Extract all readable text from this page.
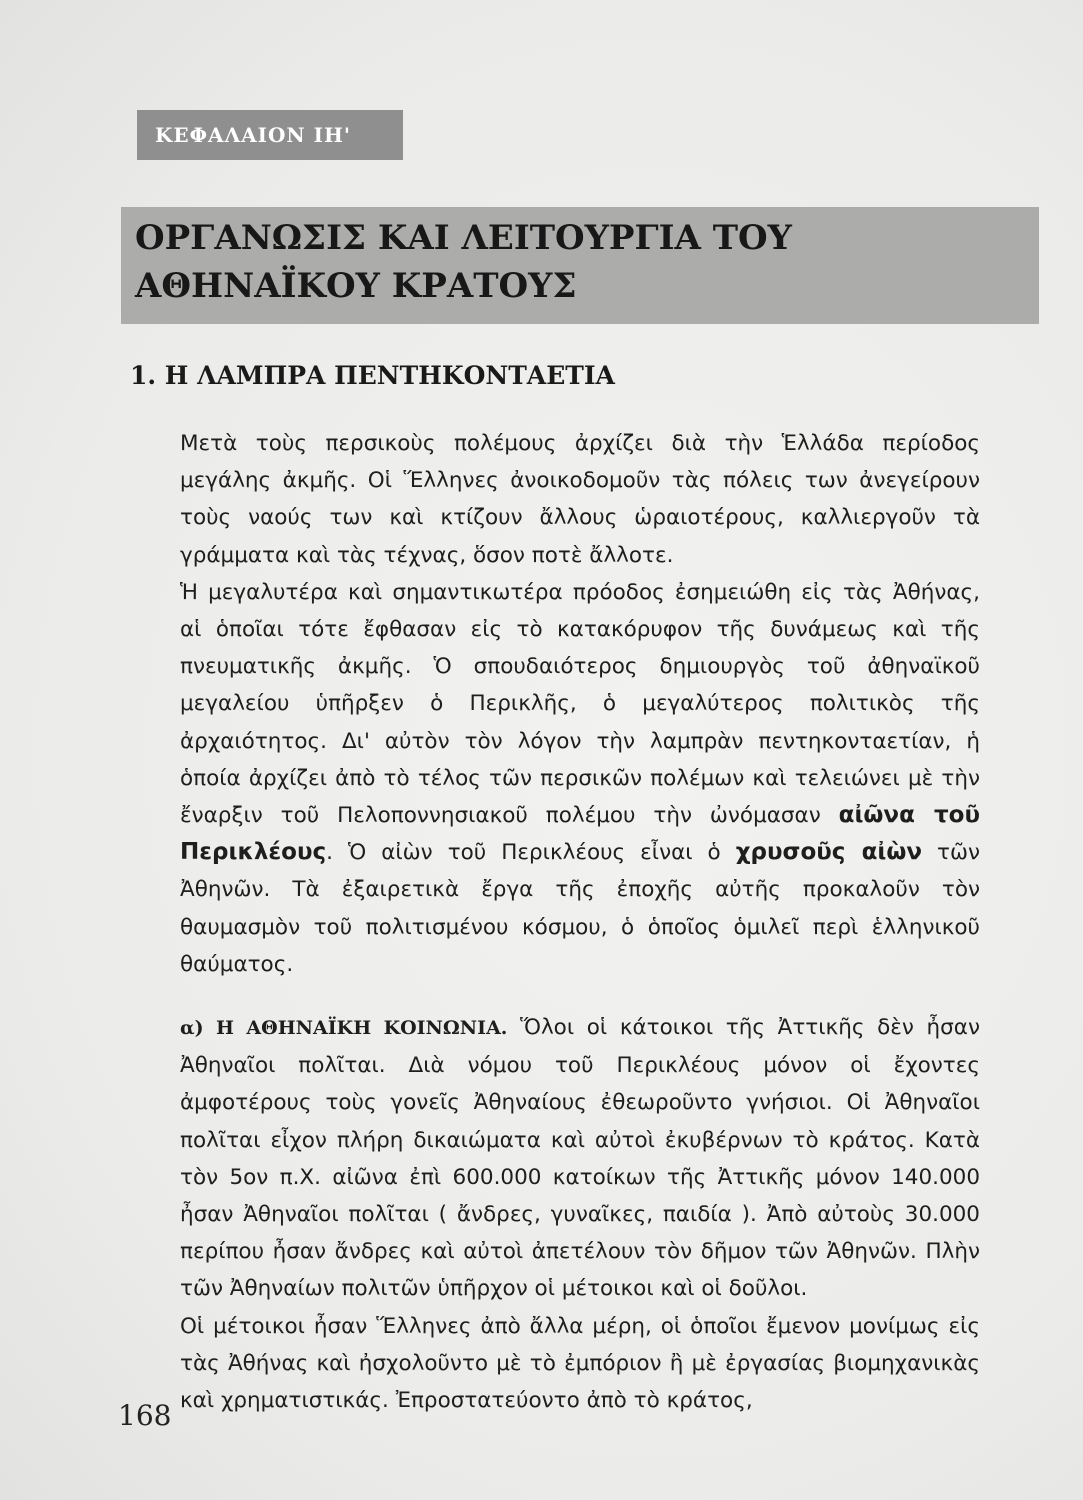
ΚΕΦΑΛΑΙΟΝ ΙΗ'
ΟΡΓΑΝΩΣΙΣ ΚΑΙ ΛΕΙΤΟΥΡΓΙΑ ΤΟΥ ΑΘΗΝΑΪΚΟΥ ΚΡΑΤΟΥΣ
1. Η ΛΑΜΠΡΑ ΠΕΝΤΗΚΟΝΤΑΕΤΙΑ

Μετὰ τοὺς περσικοὺς πολέμους ἀρχίζει διὰ τὴν Ἑλλάδα περίοδος μεγάλης ἀκμῆς. Οἱ Ἕλληνες ἀνοικοδομοῦν τὰς πόλεις των ἀνεγείρουν τοὺς ναούς των καὶ κτίζουν ἄλλους ὡραιοτέρους, καλλιεργοῦν τὰ γράμματα καὶ τὰς τέχνας, ὅσον ποτὲ ἄλλοτε.

Ἡ μεγαλυτέρα καὶ σημαντικωτέρα πρόοδος ἐσημειώθη εἰς τὰς Ἀθήνας, αἱ ὁποῖαι τότε ἔφθασαν εἰς τὸ κατακόρυφον τῆς δυνάμεως καὶ τῆς πνευματικῆς ἀκμῆς. Ὁ σπουδαιότερος δημιουργὸς τοῦ ἀθηναϊκοῦ μεγαλείου ὑπῆρξεν ὁ Περικλῆς, ὁ μεγαλύτερος πολιτικὸς τῆς ἀρχαιότητος. Δι' αὐτὸν τὸν λόγον τὴν λαμπρὰν πεντηκονταετίαν, ἡ ὁποία ἀρχίζει ἀπὸ τὸ τέλος τῶν περσικῶν πολέμων καὶ τελειώνει μὲ τὴν ἔναρξιν τοῦ Πελοποννησιακοῦ πολέμου τὴν ὠνόμασαν αἰῶνα τοῦ Περικλέους. Ὁ αἰὼν τοῦ Περικλέους εἶναι ὁ χρυσοῦς αἰὼν τῶν Ἀθηνῶν. Τὰ ἐξαιρετικὰ ἔργα τῆς ἐποχῆς αὐτῆς προκαλοῦν τὸν θαυμασμὸν τοῦ πολιτισμένου κόσμου, ὁ ὁποῖος ὁμιλεῖ περὶ ἑλληνικοῦ θαύματος.

α) Η ΑΘΗΝΑΪΚΗ ΚΟΙΝΩΝΙΑ. Ὅλοι οἱ κάτοικοι τῆς Ἀττικῆς δὲν ἦσαν Ἀθηναῖοι πολῖται. Διὰ νόμου τοῦ Περικλέους μόνον οἱ ἔχοντες ἀμφοτέρους τοὺς γονεῖς Ἀθηναίους ἐθεωροῦντο γνήσιοι. Οἱ Ἀθηναῖοι πολῖται εἶχον πλήρη δικαιώματα καὶ αὐτοὶ ἐκυβέρνων τὸ κράτος. Κατὰ τὸν 5ον π.Χ. αἰῶνα ἐπὶ 600.000 κατοίκων τῆς Ἀττικῆς μόνον 140.000 ἦσαν Ἀθηναῖοι πολῖται ( ἄνδρες, γυναῖκες, παιδία ). Ἀπὸ αὐτοὺς 30.000 περίπου ἦσαν ἄνδρες καὶ αὐτοὶ ἀπετέλουν τὸν δῆμον τῶν Ἀθηνῶν. Πλὴν τῶν Ἀθηναίων πολιτῶν ὑπῆρχον οἱ μέτοικοι καὶ οἱ δοῦλοι.

Οἱ μέτοικοι ἦσαν Ἕλληνες ἀπὸ ἄλλα μέρη, οἱ ὁποῖοι ἔμενον μονίμως εἰς τὰς Ἀθήνας καὶ ἠσχολοῦντο μὲ τὸ ἐμπόριον ἢ μὲ ἐργασίας βιομηχανικὰς καὶ χρηματιστικάς. Ἐπροστατεύοντο ἀπὸ τὸ κράτος,

168
